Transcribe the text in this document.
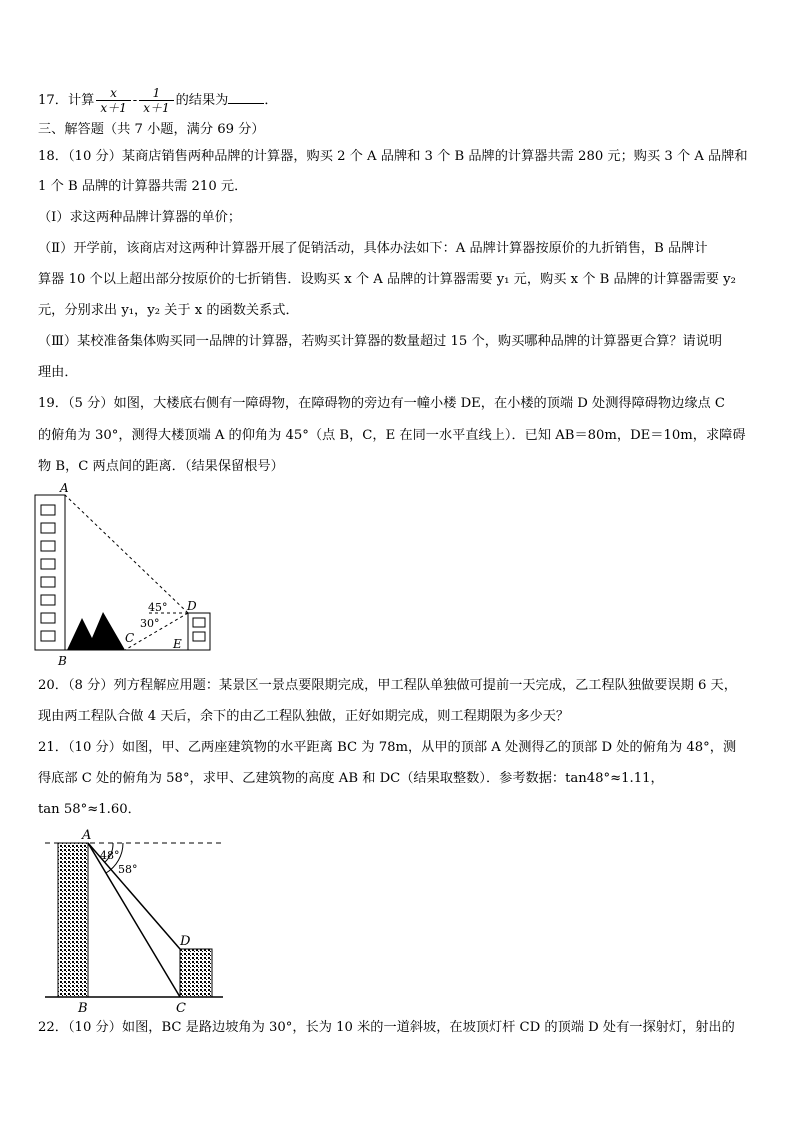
17．计算 $\frac{x}{x+1} - \frac{1}{x+1}$ 的结果为	．
三、解答题（共 7 小题，满分 69 分）
18．（10 分）某商店销售两种品牌的计算器，购买 2 个 A 品牌和 3 个 B 品牌的计算器共需 280 元；购买 3 个 A 品牌和
1 个 B 品牌的计算器共需 210 元．
（Ⅰ）求这两种品牌计算器的单价；
（Ⅱ）开学前，该商店对这两种计算器开展了促销活动，具体办法如下：A 品牌计算器按原价的九折销售，B 品牌计
算器 10 个以上超出部分按原价的七折销售．设购买 x 个 A 品牌的计算器需要 y₁ 元，购买 x 个 B 品牌的计算器需要 y₂
元，分别求出 y₁，y₂ 关于 x 的函数关系式．
（Ⅲ）某校准备集体购买同一品牌的计算器，若购买计算器的数量超过 15 个，购买哪种品牌的计算器更合算？请说明
理由．
19．（5 分）如图，大楼底右侧有一障碍物，在障碍物的旁边有一幢小楼 DE，在小楼的顶端 D 处测得障碍物边缘点 C
的俯角为 30°，测得大楼顶端 A 的仰角为 45°（点 B，C，E 在同一水平直线上）．已知 AB＝80m，DE＝10m，求障碍
物 B，C 两点间的距离．（结果保留根号）
A
B
C
D
E
45°
30°
20．（8 分）列方程解应用题：某景区一景点要限期完成，甲工程队单独做可提前一天完成，乙工程队独做要误期 6 天，
现由两工程队合做 4 天后，余下的由乙工程队独做，正好如期完成，则工程期限为多少天？
21．（10 分）如图，甲、乙两座建筑物的水平距离 BC 为 78m，从甲的顶部 A 处测得乙的顶部 D 处的俯角为 48°，测
得底部 C 处的俯角为 58°，求甲、乙建筑物的高度 AB 和 DC（结果取整数）．参考数据：tan48°≈1.11，
tan 58°≈1.60．
A
B	C
D
48°
58°
22．（10 分）如图，BC 是路边坡角为 30°，长为 10 米的一道斜坡，在坡顶灯杆 CD 的顶端 D 处有一探射灯，射出的
